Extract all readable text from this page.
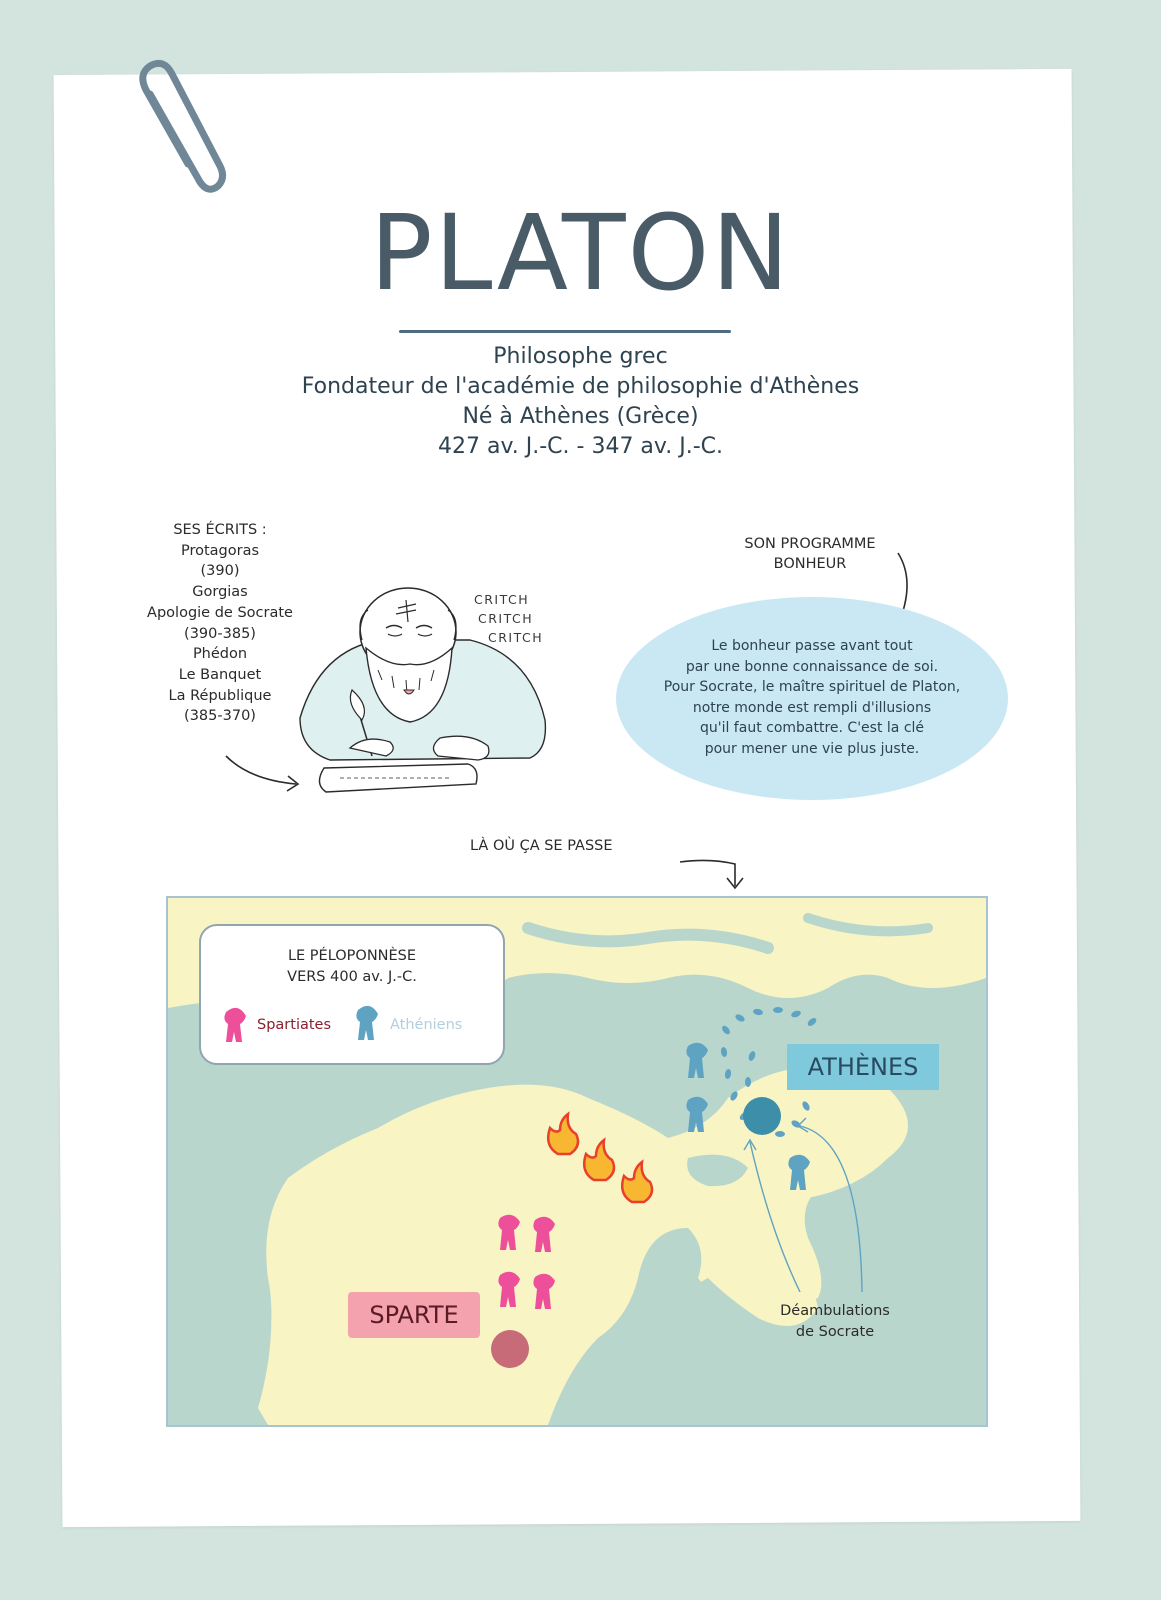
PLATON
Philosophe grec
Fondateur de l'académie de philosophie d'Athènes
Né à Athènes (Grèce)
427 av. J.-C. - 347 av. J.-C.
SES ÉCRITS :
Protagoras
(390)
Gorgias
Apologie de Socrate
(390-385)
Phédon
Le Banquet
La République
(385-370)
CRITCH
CRITCH
CRITCH
SON PROGRAMME
BONHEUR
Le bonheur passe avant tout
par une bonne connaissance de soi.
Pour Socrate, le maître spirituel de Platon,
notre monde est rempli d'illusions
qu'il faut combattre. C'est la clé
pour mener une vie plus juste.
LÀ OÙ ÇA SE PASSE
LE PÉLOPONNÈSE
VERS 400 av. J.-C.
Spartiates	Athéniens
ATHÈNES
SPARTE	Déambulations
de Socrate
